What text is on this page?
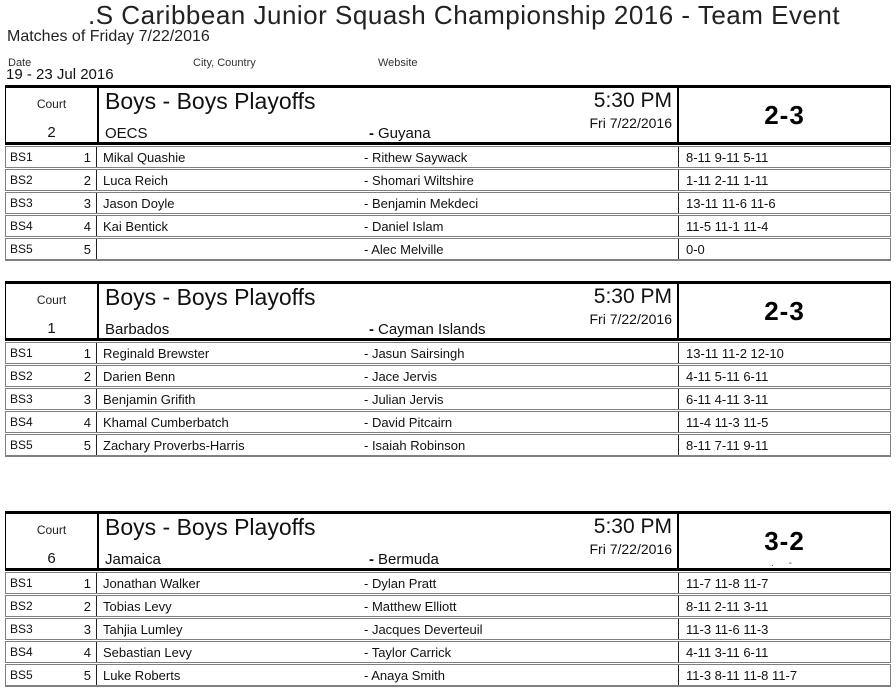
.S Caribbean Junior Squash Championship 2016 - Team Event
Matches of Friday 7/22/2016
Date	City, Country	Website
19 - 23 Jul 2016
Court
2
Boys - Boys Playoffs	5:30 PM
Fri 7/22/2016
OECS	- Guyana
2-3
BS1	1 Mikal Quashie	- Rithew Saywack	8-11 9-11 5-11
BS2	2 Luca Reich	- Shomari Wiltshire	1-11 2-11 1-11
BS3	3 Jason Doyle	- Benjamin Mekdeci	13-11 11-6 11-6
BS4	4 Kai Bentick	- Daniel Islam	11-5 11-1 11-4
BS5	5	- Alec Melville	0-0
Court
1
Boys - Boys Playoffs	5:30 PM
Fri 7/22/2016
Barbados	- Cayman Islands
2-3
BS1	1 Reginald Brewster	- Jasun Sairsingh	13-11 11-2 12-10
BS2	2 Darien Benn	- Jace Jervis	4-11 5-11 6-11
BS3	3 Benjamin Grifith	- Julian Jervis	6-11 4-11 3-11
BS4	4 Khamal Cumberbatch	- David Pitcairn	11-4 11-3 11-5
BS5	5 Zachary Proverbs-Harris	- Isaiah Robinson	8-11 7-11 9-11
Court
6
Boys - Boys Playoffs	5:30 PM
Fri 7/22/2016
Jamaica	- Bermuda
3-2
. -
BS1	1 Jonathan Walker	- Dylan Pratt	11-7 11-8 11-7
BS2	2 Tobias Levy	- Matthew Elliott	8-11 2-11 3-11
BS3	3 Tahjia Lumley	- Jacques Deverteuil	11-3 11-6 11-3
BS4	4 Sebastian Levy	- Taylor Carrick	4-11 3-11 6-11
BS5	5 Luke Roberts	- Anaya Smith	11-3 8-11 11-8 11-7
